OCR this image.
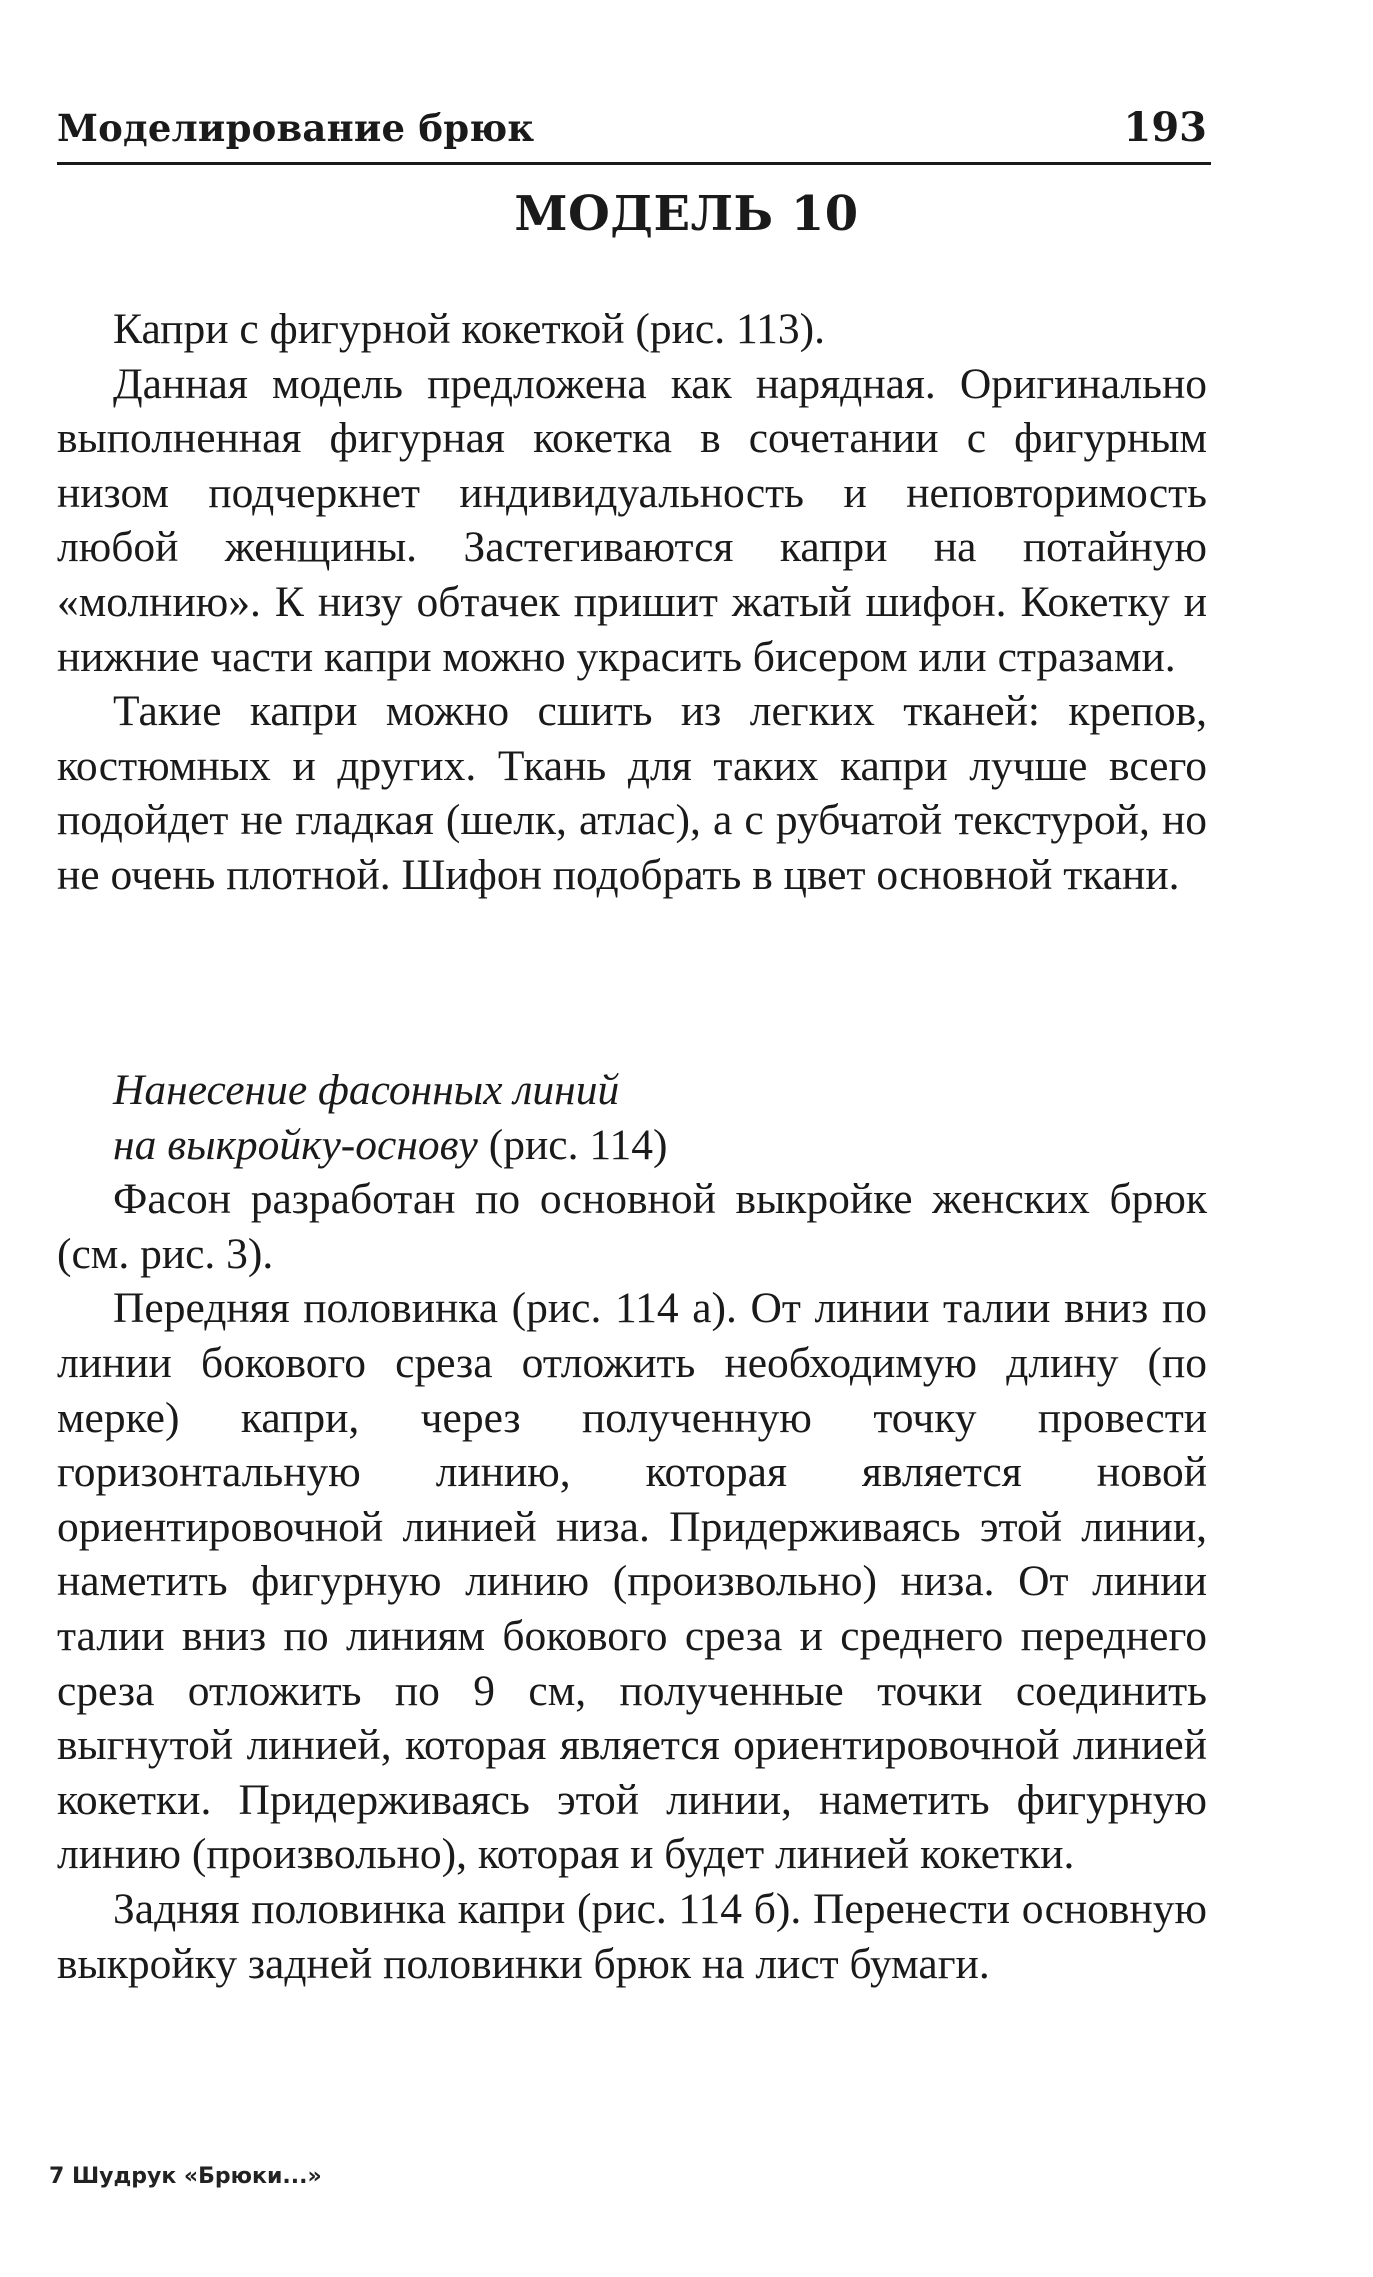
Моделирование брюк	193
МОДЕЛЬ 10

Капри с фигурной кокеткой (рис. 113).

Данная модель предложена как нарядная. Оригинально выполненная фигурная кокетка в сочетании с фигурным низом подчеркнет индивидуальность и неповторимость любой женщины. Застегиваются капри на потайную «молнию». К низу обтачек пришит жатый шифон. Кокетку и нижние части капри можно украсить бисером или стразами.

Такие капри можно сшить из легких тканей: крепов, костюмных и других. Ткань для таких капри лучше всего подойдет не гладкая (шелк, атлас), а с рубчатой текстурой, но не очень плотной. Шифон подобрать в цвет основной ткани.

Нанесение фасонных линий
на выкройку-основу (рис. 114)

Фасон разработан по основной выкройке женских брюк (см. рис. 3).

Передняя половинка (рис. 114 а). От линии талии вниз по линии бокового среза отложить необходимую длину (по мерке) капри, через полученную точку провести горизонтальную линию, которая является новой ориентировочной линией низа. Придерживаясь этой линии, наметить фигурную линию (произвольно) низа. От линии талии вниз по линиям бокового среза и среднего переднего среза отложить по 9 см, полученные точки соединить выгнутой линией, которая является ориентировочной линией кокетки. Придерживаясь этой линии, наметить фигурную линию (произвольно), которая и будет линией кокетки.

Задняя половинка капри (рис. 114 б). Перенести основную выкройку задней половинки брюк на лист бумаги.

7 Шудрук «Брюки...»
